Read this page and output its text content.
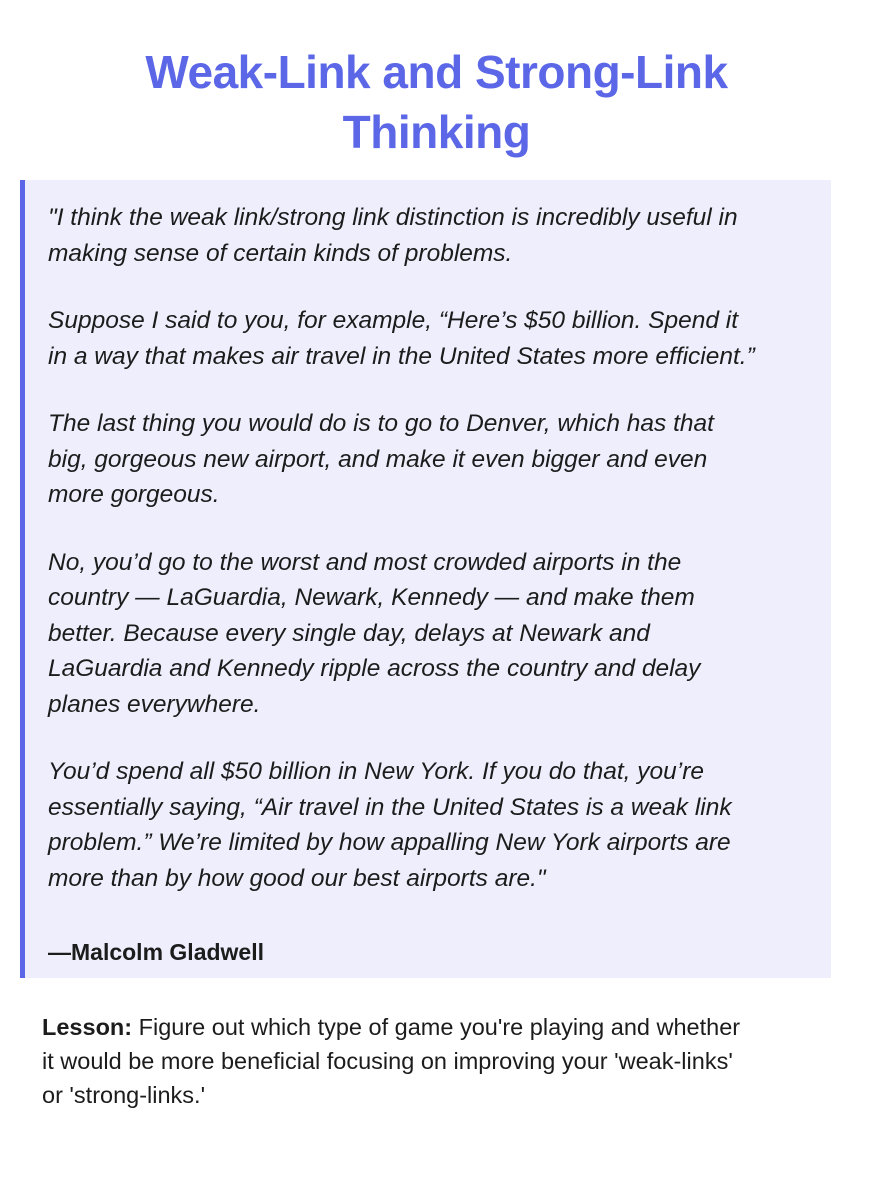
Weak-Link and Strong-Link
Thinking

"I think the weak link/strong link distinction is incredibly useful in
making sense of certain kinds of problems.

Suppose I said to you, for example, “Here’s $50 billion. Spend it
in a way that makes air travel in the United States more efficient.”

The last thing you would do is to go to Denver, which has that
big, gorgeous new airport, and make it even bigger and even
more gorgeous.

No, you’d go to the worst and most crowded airports in the
country — LaGuardia, Newark, Kennedy — and make them
better. Because every single day, delays at Newark and
LaGuardia and Kennedy ripple across the country and delay
planes everywhere.

You’d spend all $50 billion in New York. If you do that, you’re
essentially saying, “Air travel in the United States is a weak link
problem.” We’re limited by how appalling New York airports are
more than by how good our best airports are."

—Malcolm Gladwell

Lesson: Figure out which type of game you're playing and whether
it would be more beneficial focusing on improving your 'weak-links'
or 'strong-links.'
